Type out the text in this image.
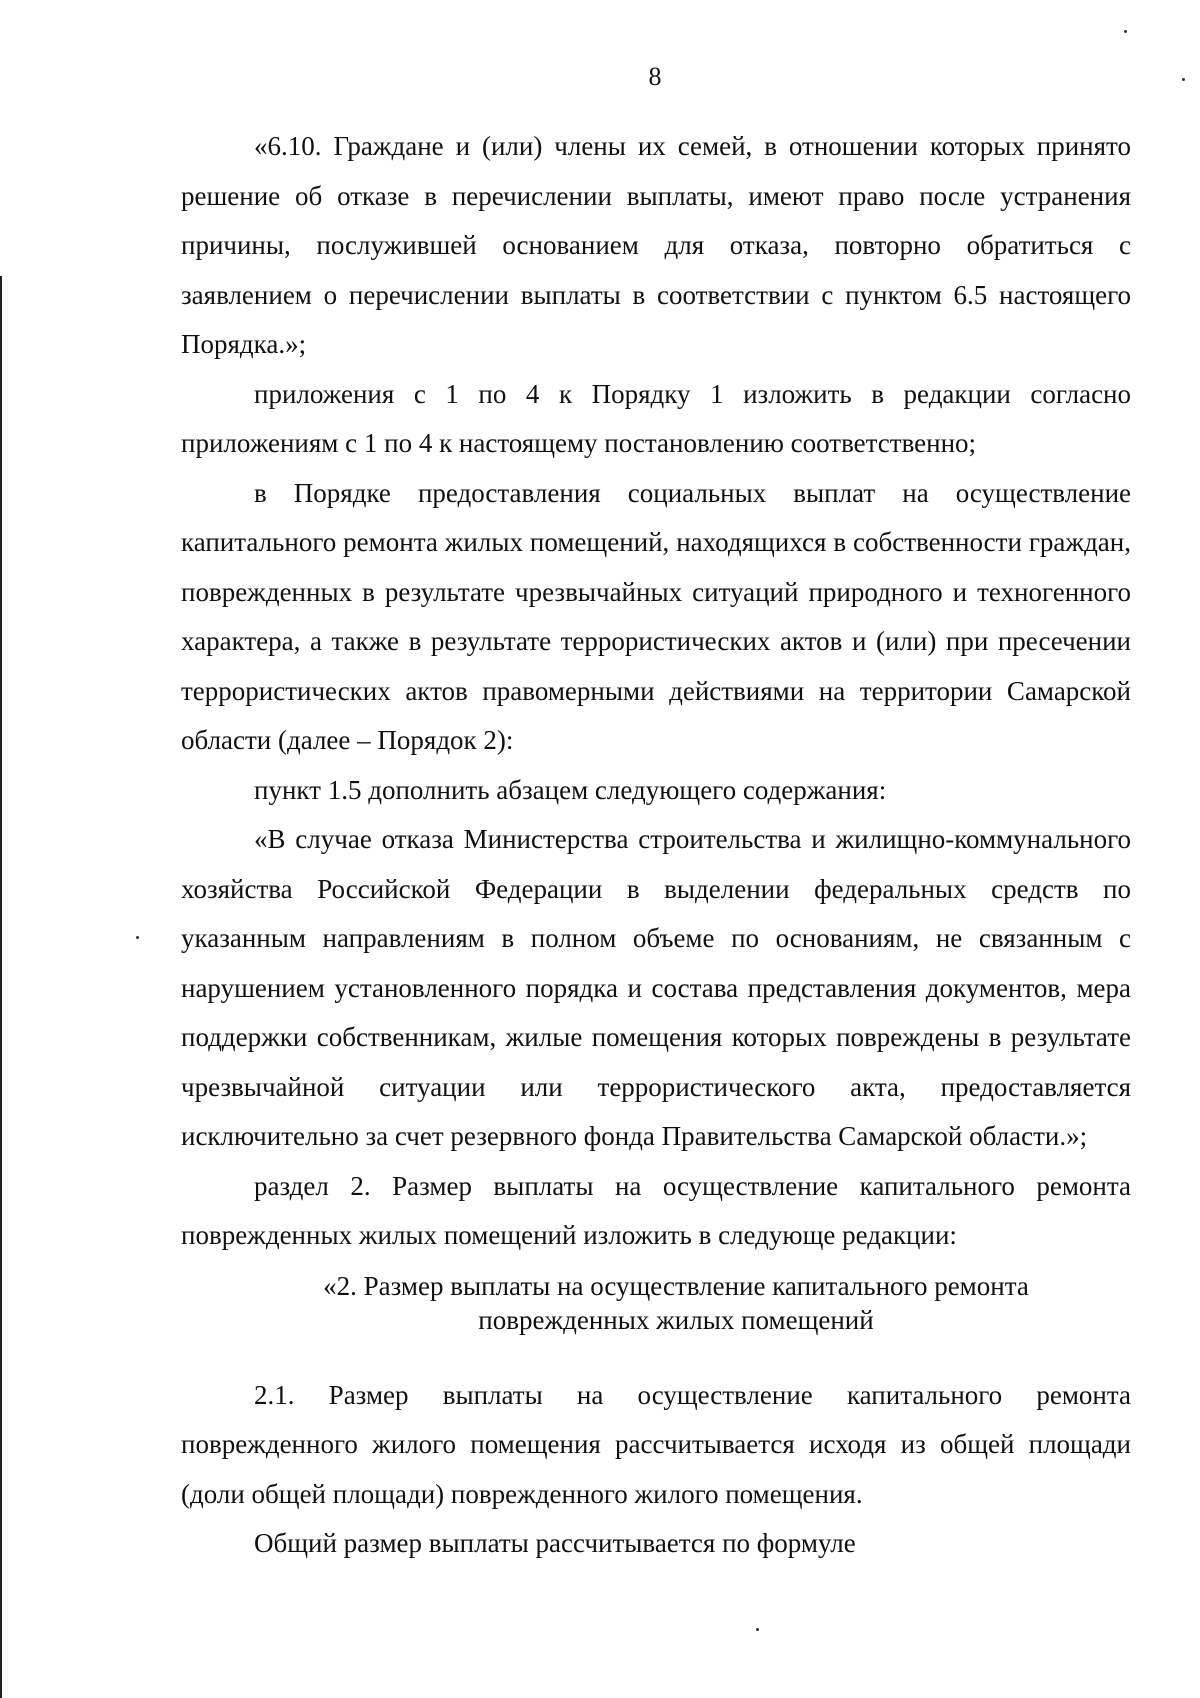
8

«6.10. Граждане и (или) члены их семей, в отношении которых принято решение об отказе в перечислении выплаты, имеют право после устранения причины, послужившей основанием для отказа, повторно обратиться с заявлением о перечислении выплаты в соответствии с пунктом 6.5 настоящего Порядка.»;

приложения с 1 по 4 к Порядку 1 изложить в редакции согласно приложениям с 1 по 4 к настоящему постановлению соответственно;

в Порядке предоставления социальных выплат на осуществление капитального ремонта жилых помещений, находящихся в собственности граждан, поврежденных в результате чрезвычайных ситуаций природного и техногенного характера, а также в результате террористических актов и (или) при пресечении террористических актов правомерными действиями на территории Самарской области (далее – Порядок 2):

пункт 1.5 дополнить абзацем следующего содержания:

«В случае отказа Министерства строительства и жилищно-коммунального хозяйства Российской Федерации в выделении федеральных средств по указанным направлениям в полном объеме по основаниям, не связанным с нарушением установленного порядка и состава представления документов, мера поддержки собственникам, жилые помещения которых повреждены в результате чрезвычайной ситуации или террористического акта, предоставляется исключительно за счет резервного фонда Правительства Самарской области.»;

раздел 2. Размер выплаты на осуществление капитального ремонта поврежденных жилых помещений изложить в следующе редакции:

«2. Размер выплаты на осуществление капитального ремонта
поврежденных жилых помещений

2.1. Размер выплаты на осуществление капитального ремонта поврежденного жилого помещения рассчитывается исходя из общей площади (доли общей площади) поврежденного жилого помещения.

Общий размер выплаты рассчитывается по формуле
